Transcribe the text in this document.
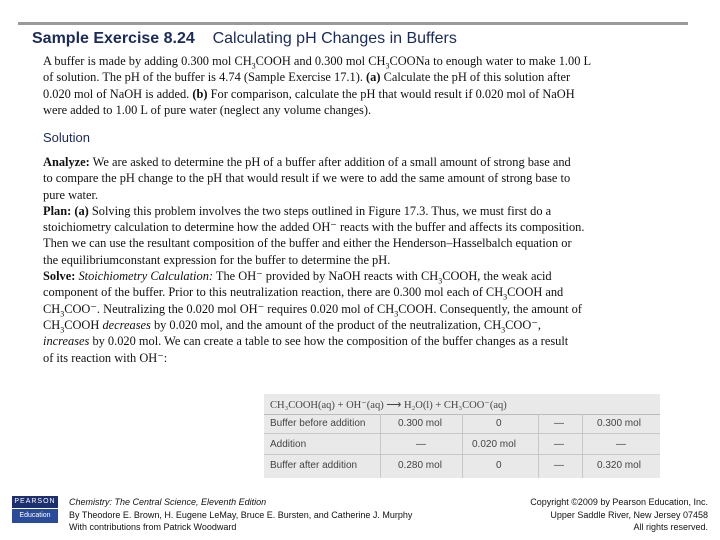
Sample Exercise 8.24 Calculating pH Changes in Buffers
A buffer is made by adding 0.300 mol $CH_3COOH$ and 0.300 mol $CH_3COONa$ to enough water to make 1.00 L
of solution. The pH of the buffer is 4.74 (Sample Exercise 17.1). (a) Calculate the pH of this solution after
0.020 mol of NaOH is added. (b) For comparison, calculate the pH that would result if 0.020 mol of NaOH
were added to 1.00 L of pure water (neglect any volume changes).
Solution
Analyze: We are asked to determine the pH of a buffer after addition of a small amount of strong base and
to compare the pH change to the pH that would result if we were to add the same amount of strong base to
pure water.
Plan: (a) Solving this problem involves the two steps outlined in Figure 17.3. Thus, we must first do a
stoichiometry calculation to determine how the added OH⁻ reacts with the buffer and affects its composition.
Then we can use the resultant composition of the buffer and either the Henderson–Hasselbalch equation or
the equilibriumconstant expression for the buffer to determine the pH.
Solve: Stoichiometry Calculation: The OH⁻ provided by NaOH reacts with $CH_3COOH$, the weak acid
component of the buffer. Prior to this neutralization reaction, there are 0.300 mol each of $CH_3COOH$ and
$CH_3COO^-$. Neutralizing the 0.020 mol OH⁻ requires 0.020 mol of $CH_3COOH$. Consequently, the amount of
$CH_3COOH$ decreases by 0.020 mol, and the amount of the product of the neutralization, $CH_3COO^-$,
increases by 0.020 mol. We can create a table to see how the composition of the buffer changes as a result
of its reaction with OH⁻:
CH₃COOH(aq) + OH⁻(aq) ⟶ H₂O(l) + CH₃COO⁻(aq)
Buffer before addition	0.300 mol	0	—	0.300 mol
Addition	—	0.020 mol	—	—
Buffer after addition	0.280 mol	0	—	0.320 mol
PEARSON
Education
Chemistry: The Central Science, Eleventh Edition
By Theodore E. Brown, H. Eugene LeMay, Bruce E. Bursten, and Catherine J. Murphy
With contributions from Patrick Woodward
Copyright ©2009 by Pearson Education, Inc.
Upper Saddle River, New Jersey 07458
All rights reserved.
